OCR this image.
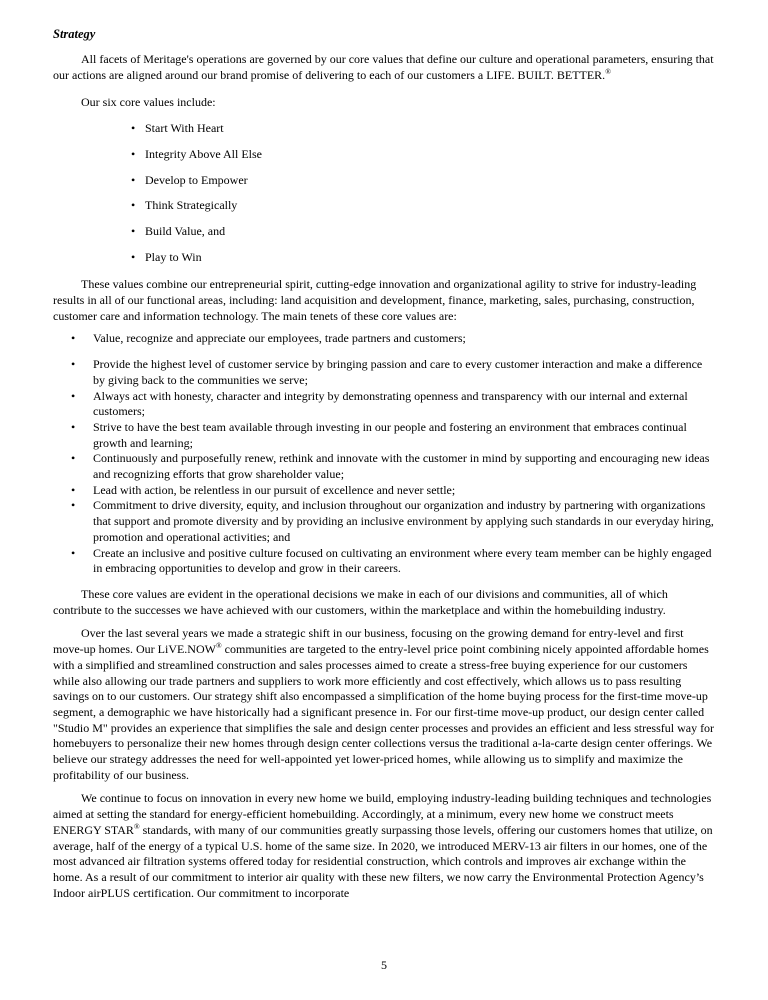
Strategy

All facets of Meritage's operations are governed by our core values that define our culture and operational parameters, ensuring that our actions are aligned around our brand promise of delivering to each of our customers a LIFE. BUILT. BETTER.®

Our six core values include:

• Start With Heart
• Integrity Above All Else
• Develop to Empower
• Think Strategically
• Build Value, and
• Play to Win

These values combine our entrepreneurial spirit, cutting-edge innovation and organizational agility to strive for industry-leading results in all of our functional areas, including: land acquisition and development, finance, marketing, sales, purchasing, construction, customer care and information technology. The main tenets of these core values are:

• Value, recognize and appreciate our employees, trade partners and customers;
• Provide the highest level of customer service by bringing passion and care to every customer interaction and make a difference by giving back to the communities we serve;
• Always act with honesty, character and integrity by demonstrating openness and transparency with our internal and external customers;
• Strive to have the best team available through investing in our people and fostering an environment that embraces continual growth and learning;
• Continuously and purposefully renew, rethink and innovate with the customer in mind by supporting and encouraging new ideas and recognizing efforts that grow shareholder value;
• Lead with action, be relentless in our pursuit of excellence and never settle;
• Commitment to drive diversity, equity, and inclusion throughout our organization and industry by partnering with organizations that support and promote diversity and by providing an inclusive environment by applying such standards in our everyday hiring, promotion and operational activities; and
• Create an inclusive and positive culture focused on cultivating an environment where every team member can be highly engaged in embracing opportunities to develop and grow in their careers.

These core values are evident in the operational decisions we make in each of our divisions and communities, all of which contribute to the successes we have achieved with our customers, within the marketplace and within the homebuilding industry.

Over the last several years we made a strategic shift in our business, focusing on the growing demand for entry-level and first move-up homes. Our LiVE.NOW® communities are targeted to the entry-level price point combining nicely appointed affordable homes with a simplified and streamlined construction and sales processes aimed to create a stress-free buying experience for our customers while also allowing our trade partners and suppliers to work more efficiently and cost effectively, which allows us to pass resulting savings on to our customers. Our strategy shift also encompassed a simplification of the home buying process for the first-time move-up segment, a demographic we have historically had a significant presence in. For our first-time move-up product, our design center called "Studio M" provides an experience that simplifies the sale and design center processes and provides an efficient and less stressful way for homebuyers to personalize their new homes through design center collections versus the traditional a-la-carte design center offerings. We believe our strategy addresses the need for well-appointed yet lower-priced homes, while allowing us to simplify and maximize the profitability of our business.

We continue to focus on innovation in every new home we build, employing industry-leading building techniques and technologies aimed at setting the standard for energy-efficient homebuilding. Accordingly, at a minimum, every new home we construct meets ENERGY STAR® standards, with many of our communities greatly surpassing those levels, offering our customers homes that utilize, on average, half of the energy of a typical U.S. home of the same size. In 2020, we introduced MERV-13 air filters in our homes, one of the most advanced air filtration systems offered today for residential construction, which controls and improves air exchange within the home. As a result of our commitment to interior air quality with these new filters, we now carry the Environmental Protection Agency’s Indoor airPLUS certification. Our commitment to incorporate

5
